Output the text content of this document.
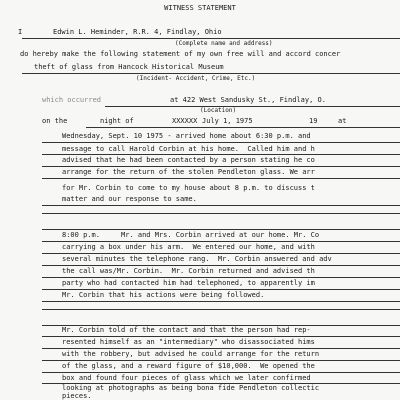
WITNESS STATEMENT
I	Edwin L. Heminder, R.R. 4, Findlay, Ohio
(Complete name and address)
do hereby make the following statement of my own free will and accord concer
theft of glass from Hancock Historical Museum
(Incident- Accident, Crime, Etc.)
which occurred	at 422 West Sandusky St., Findlay, O.
(Location)
on the	night of	XXXXXX July 1, 1975	19	at
Wednesday, Sept. 10 1975 - arrived home about 6:30 p.m. and
message to call Harold Corbin at his home.  Called him and h
advised that he had been contacted by a person stating he co
arrange for the return of the stolen Pendleton glass. We arr
for Mr. Corbin to come to my house about 8 p.m. to discuss t
matter and our response to same.
8:00 p.m.     Mr. and Mrs. Corbin arrived at our home. Mr. Co
carrying a box under his arm.  We entered our home, and with
several minutes the telephone rang.  Mr. Corbin answered and adv
the call was/Mr. Corbin.  Mr. Corbin returned and advised th
party who had contacted him had telephoned, to apparently im
Mr. Corbin that his actions were being followed.
Mr. Corbin told of the contact and that the person had rep-
resented himself as an "intermediary" who disassociated hims
with the robbery, but advised he could arrange for the return
of the glass, and a reward figure of $10,000.  We opened the
box and found four pieces of glass which we later confirmed
looking at photographs as being bona fide Pendleton collectic
pieces.
